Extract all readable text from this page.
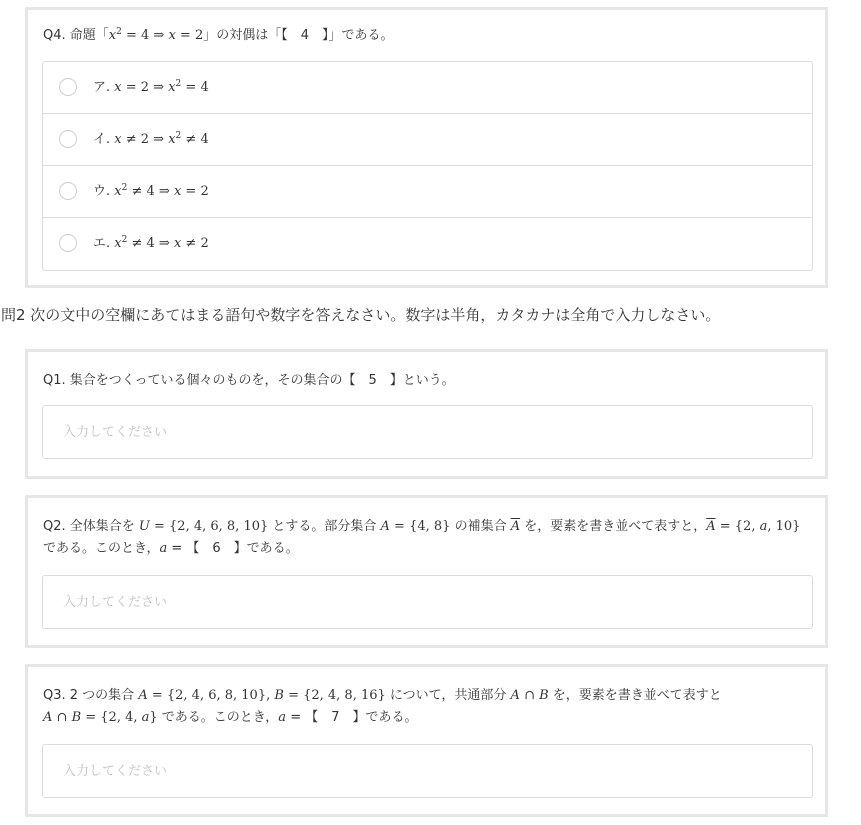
Q4. 命題「$x^2 = 4$ ⇒ x = 2」の対偶は「【　4　】」である。
ア. x = 2 ⇒ $x^2 = 4$
イ. x ≠ 2 ⇒ $x^2 \ne 4$
ウ. $x^2 \ne 4$ ⇒ x = 2
エ. $x^2 \ne 4$ ⇒ x ≠ 2
問2 次の文中の空欄にあてはまる語句や数字を答えなさい。数字は半角，カタカナは全角で入力しなさい。
Q1. 集合をつくっている個々のものを，その集合の【　5　】という。
入力してください
Q2. 全体集合を U = {2, 4, 6, 8, 10} とする。部分集合 A = {4, 8} の補集合 $\overline{A}$ を，要素を書き並べて表すと，$\overline{A} = \{2$, a, 10}
である。このとき，a = 【　6　】である。
入力してください
Q3. 2 つの集合 A = {2, 4, 6, 8, 10}, B = {2, 4, 8, 16} について，共通部分 A ∩ B を，要素を書き並べて表すと
A ∩ B = {2, 4, a} である。このとき，a = 【　7　】である。
入力してください
